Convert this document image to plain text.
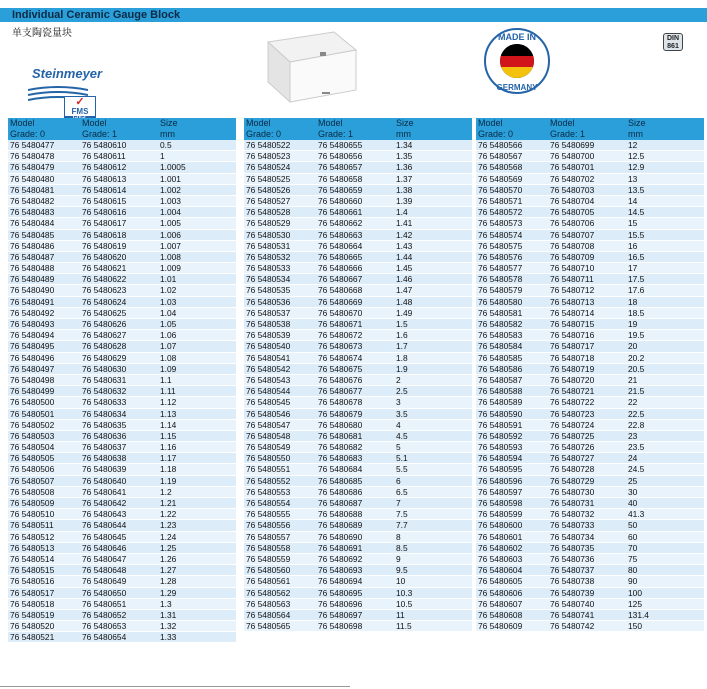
Individual Ceramic Gauge Block
单支陶瓷量块
Steinmeyer
✓
FMS
MADE IN
GERMANY
DIN
861
Model	Model	Size
Grade: 0	Grade: 1	mm
76 5480477	76 5480610	0.5
76 5480478	76 5480611	1
76 5480479	76 5480612	1.0005
76 5480480	76 5480613	1.001
76 5480481	76 5480614	1.002
76 5480482	76 5480615	1.003
76 5480483	76 5480616	1.004
76 5480484	76 5480617	1.005
76 5480485	76 5480618	1.006
76 5480486	76 5480619	1.007
76 5480487	76 5480620	1.008
76 5480488	76 5480621	1.009
76 5480489	76 5480622	1.01
76 5480490	76 5480623	1.02
76 5480491	76 5480624	1.03
76 5480492	76 5480625	1.04
76 5480493	76 5480626	1.05
76 5480494	76 5480627	1.06
76 5480495	76 5480628	1.07
76 5480496	76 5480629	1.08
76 5480497	76 5480630	1.09
76 5480498	76 5480631	1.1
76 5480499	76 5480632	1.11
76 5480500	76 5480633	1.12
76 5480501	76 5480634	1.13
76 5480502	76 5480635	1.14
76 5480503	76 5480636	1.15
76 5480504	76 5480637	1.16
76 5480505	76 5480638	1.17
76 5480506	76 5480639	1.18
76 5480507	76 5480640	1.19
76 5480508	76 5480641	1.2
76 5480509	76 5480642	1.21
76 5480510	76 5480643	1.22
76 5480511	76 5480644	1.23
76 5480512	76 5480645	1.24
76 5480513	76 5480646	1.25
76 5480514	76 5480647	1.26
76 5480515	76 5480648	1.27
76 5480516	76 5480649	1.28
76 5480517	76 5480650	1.29
76 5480518	76 5480651	1.3
76 5480519	76 5480652	1.31
76 5480520	76 5480653	1.32
76 5480521	76 5480654	1.33
Model	Model	Size
Grade: 0	Grade: 1	mm
76 5480522	76 5480655	1.34
76 5480523	76 5480656	1.35
76 5480524	76 5480657	1.36
76 5480525	76 5480658	1.37
76 5480526	76 5480659	1.38
76 5480527	76 5480660	1.39
76 5480528	76 5480661	1.4
76 5480529	76 5480662	1.41
76 5480530	76 5480663	1.42
76 5480531	76 5480664	1.43
76 5480532	76 5480665	1.44
76 5480533	76 5480666	1.45
76 5480534	76 5480667	1.46
76 5480535	76 5480668	1.47
76 5480536	76 5480669	1.48
76 5480537	76 5480670	1.49
76 5480538	76 5480671	1.5
76 5480539	76 5480672	1.6
76 5480540	76 5480673	1.7
76 5480541	76 5480674	1.8
76 5480542	76 5480675	1.9
76 5480543	76 5480676	2
76 5480544	76 5480677	2.5
76 5480545	76 5480678	3
76 5480546	76 5480679	3.5
76 5480547	76 5480680	4
76 5480548	76 5480681	4.5
76 5480549	76 5480682	5
76 5480550	76 5480683	5.1
76 5480551	76 5480684	5.5
76 5480552	76 5480685	6
76 5480553	76 5480686	6.5
76 5480554	76 5480687	7
76 5480555	76 5480688	7.5
76 5480556	76 5480689	7.7
76 5480557	76 5480690	8
76 5480558	76 5480691	8.5
76 5480559	76 5480692	9
76 5480560	76 5480693	9.5
76 5480561	76 5480694	10
76 5480562	76 5480695	10.3
76 5480563	76 5480696	10.5
76 5480564	76 5480697	11
76 5480565	76 5480698	11.5
Model	Model	Size
Grade: 0	Grade: 1	mm
76 5480566	76 5480699	12
76 5480567	76 5480700	12.5
76 5480568	76 5480701	12.9
76 5480569	76 5480702	13
76 5480570	76 5480703	13.5
76 5480571	76 5480704	14
76 5480572	76 5480705	14.5
76 5480573	76 5480706	15
76 5480574	76 5480707	15.5
76 5480575	76 5480708	16
76 5480576	76 5480709	16.5
76 5480577	76 5480710	17
76 5480578	76 5480711	17.5
76 5480579	76 5480712	17.6
76 5480580	76 5480713	18
76 5480581	76 5480714	18.5
76 5480582	76 5480715	19
76 5480583	76 5480716	19.5
76 5480584	76 5480717	20
76 5480585	76 5480718	20.2
76 5480586	76 5480719	20.5
76 5480587	76 5480720	21
76 5480588	76 5480721	21.5
76 5480589	76 5480722	22
76 5480590	76 5480723	22.5
76 5480591	76 5480724	22.8
76 5480592	76 5480725	23
76 5480593	76 5480726	23.5
76 5480594	76 5480727	24
76 5480595	76 5480728	24.5
76 5480596	76 5480729	25
76 5480597	76 5480730	30
76 5480598	76 5480731	40
76 5480599	76 5480732	41.3
76 5480600	76 5480733	50
76 5480601	76 5480734	60
76 5480602	76 5480735	70
76 5480603	76 5480736	75
76 5480604	76 5480737	80
76 5480605	76 5480738	90
76 5480606	76 5480739	100
76 5480607	76 5480740	125
76 5480608	76 5480741	131.4
76 5480609	76 5480742	150
